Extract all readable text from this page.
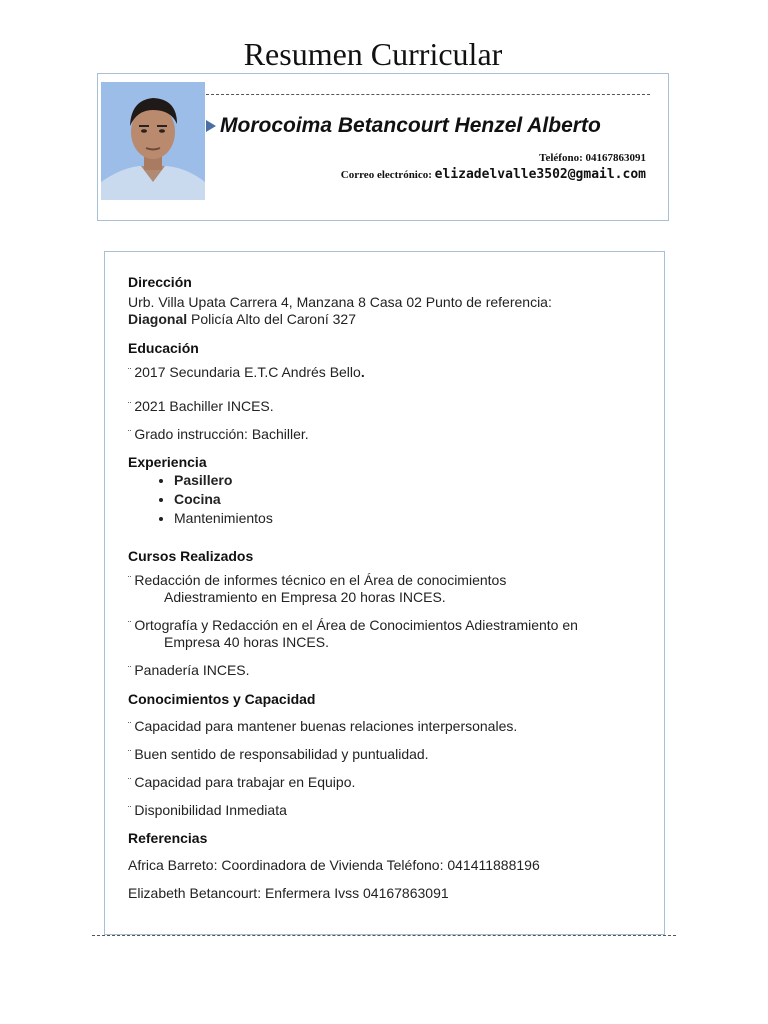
Resumen Curricular
Morocoima Betancourt Henzel Alberto
Teléfono: 04167863091
Correo electrónico: elizadelvalle3502@gmail.com
Dirección
Urb. Villa Upata Carrera 4, Manzana 8 Casa 02 Punto de referencia:
Diagonal Policía Alto del Caroní 327
Educación
¨ 2017 Secundaria E.T.C Andrés Bello.
¨ 2021 Bachiller INCES.
¨ Grado instrucción: Bachiller.
Experiencia
• Pasillero
• Cocina
• Mantenimientos
Cursos Realizados
¨ Redacción de informes técnico en el Área de conocimientos
Adiestramiento en Empresa 20 horas INCES.
¨ Ortografía y Redacción en el Área de Conocimientos Adiestramiento en
Empresa 40 horas INCES.
¨ Panadería INCES.
Conocimientos y Capacidad
¨ Capacidad para mantener buenas relaciones interpersonales.
¨ Buen sentido de responsabilidad y puntualidad.
¨ Capacidad para trabajar en Equipo.
¨ Disponibilidad Inmediata
Referencias
Africa Barreto: Coordinadora de Vivienda Teléfono: 041411888196
Elizabeth Betancourt: Enfermera Ivss 04167863091
